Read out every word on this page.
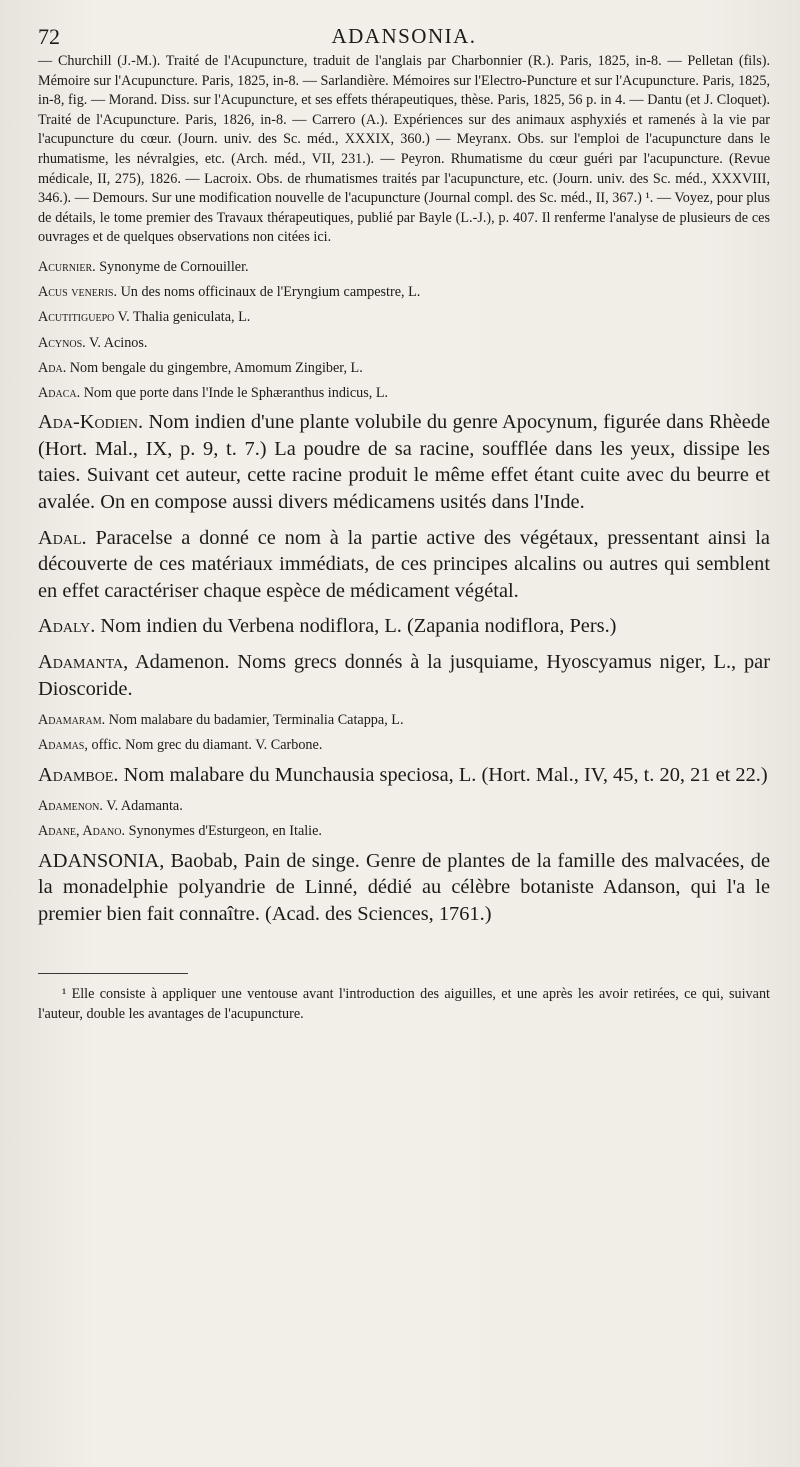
72	ADANSONIA.

— Churchill (J.-M.). Traité de l'Acupuncture, traduit de l'anglais par Charbonnier (R.). Paris, 1825, in-8. — Pelletan (fils). Mémoire sur l'Acupuncture. Paris, 1825, in-8. — Sarlandière. Mémoires sur l'Electro-Puncture et sur l'Acupuncture. Paris, 1825, in-8, fig. — Morand. Diss. sur l'Acupuncture, et ses effets thérapeutiques, thèse. Paris, 1825, 56 p. in 4. — Dantu (et J. Cloquet). Traité de l'Acupuncture. Paris, 1826, in-8. — Carrero (A.). Expériences sur des animaux asphyxiés et ramenés à la vie par l'acupuncture du cœur. (Journ. univ. des Sc. méd., XXXIX, 360.) — Meyranx. Obs. sur l'emploi de l'acupuncture dans le rhumatisme, les névralgies, etc. (Arch. méd., VII, 231.). — Peyron. Rhumatisme du cœur guéri par l'acupuncture. (Revue médicale, II, 275), 1826. — Lacroix. Obs. de rhumatismes traités par l'acupuncture, etc. (Journ. univ. des Sc. méd., XXXVIII, 346.). — Demours. Sur une modification nouvelle de l'acupuncture (Journal compl. des Sc. méd., II, 367.) ¹. — Voyez, pour plus de détails, le tome premier des Travaux thérapeutiques, publié par Bayle (L.-J.), p. 407. Il renferme l'analyse de plusieurs de ces ouvrages et de quelques observations non citées ici.

Acurnier. Synonyme de Cornouiller.

Acus veneris. Un des noms officinaux de l'Eryngium campestre, L.

Acutitiguepo V. Thalia geniculata, L.

Acynos. V. Acinos.

Ada. Nom bengale du gingembre, Amomum Zingiber, L.

Adaca. Nom que porte dans l'Inde le Sphæranthus indicus, L.

Ada-Kodien. Nom indien d'une plante volubile du genre Apocynum, figurée dans Rhèede (Hort. Mal., IX, p. 9, t. 7.) La poudre de sa racine, soufflée dans les yeux, dissipe les taies. Suivant cet auteur, cette racine produit le même effet étant cuite avec du beurre et avalée. On en compose aussi divers médicamens usités dans l'Inde.

Adal. Paracelse a donné ce nom à la partie active des végétaux, pressentant ainsi la découverte de ces matériaux immédiats, de ces principes alcalins ou autres qui semblent en effet caractériser chaque espèce de médicament végétal.

Adaly. Nom indien du Verbena nodiflora, L. (Zapania nodiflora, Pers.)

Adamanta, Adamenon. Noms grecs donnés à la jusquiame, Hyoscyamus niger, L., par Dioscoride.

Adamaram. Nom malabare du badamier, Terminalia Catappa, L.

Adamas, offic. Nom grec du diamant. V. Carbone.

Adamboe. Nom malabare du Munchausia speciosa, L. (Hort. Mal., IV, 45, t. 20, 21 et 22.)

Adamenon. V. Adamanta.

Adane, Adano. Synonymes d'Esturgeon, en Italie.

ADANSONIA, Baobab, Pain de singe. Genre de plantes de la famille des malvacées, de la monadelphie polyandrie de Linné, dédié au célèbre botaniste Adanson, qui l'a le premier bien fait connaître. (Acad. des Sciences, 1761.)

¹ Elle consiste à appliquer une ventouse avant l'introduction des aiguilles, et une après les avoir retirées, ce qui, suivant l'auteur, double les avantages de l'acupuncture.
